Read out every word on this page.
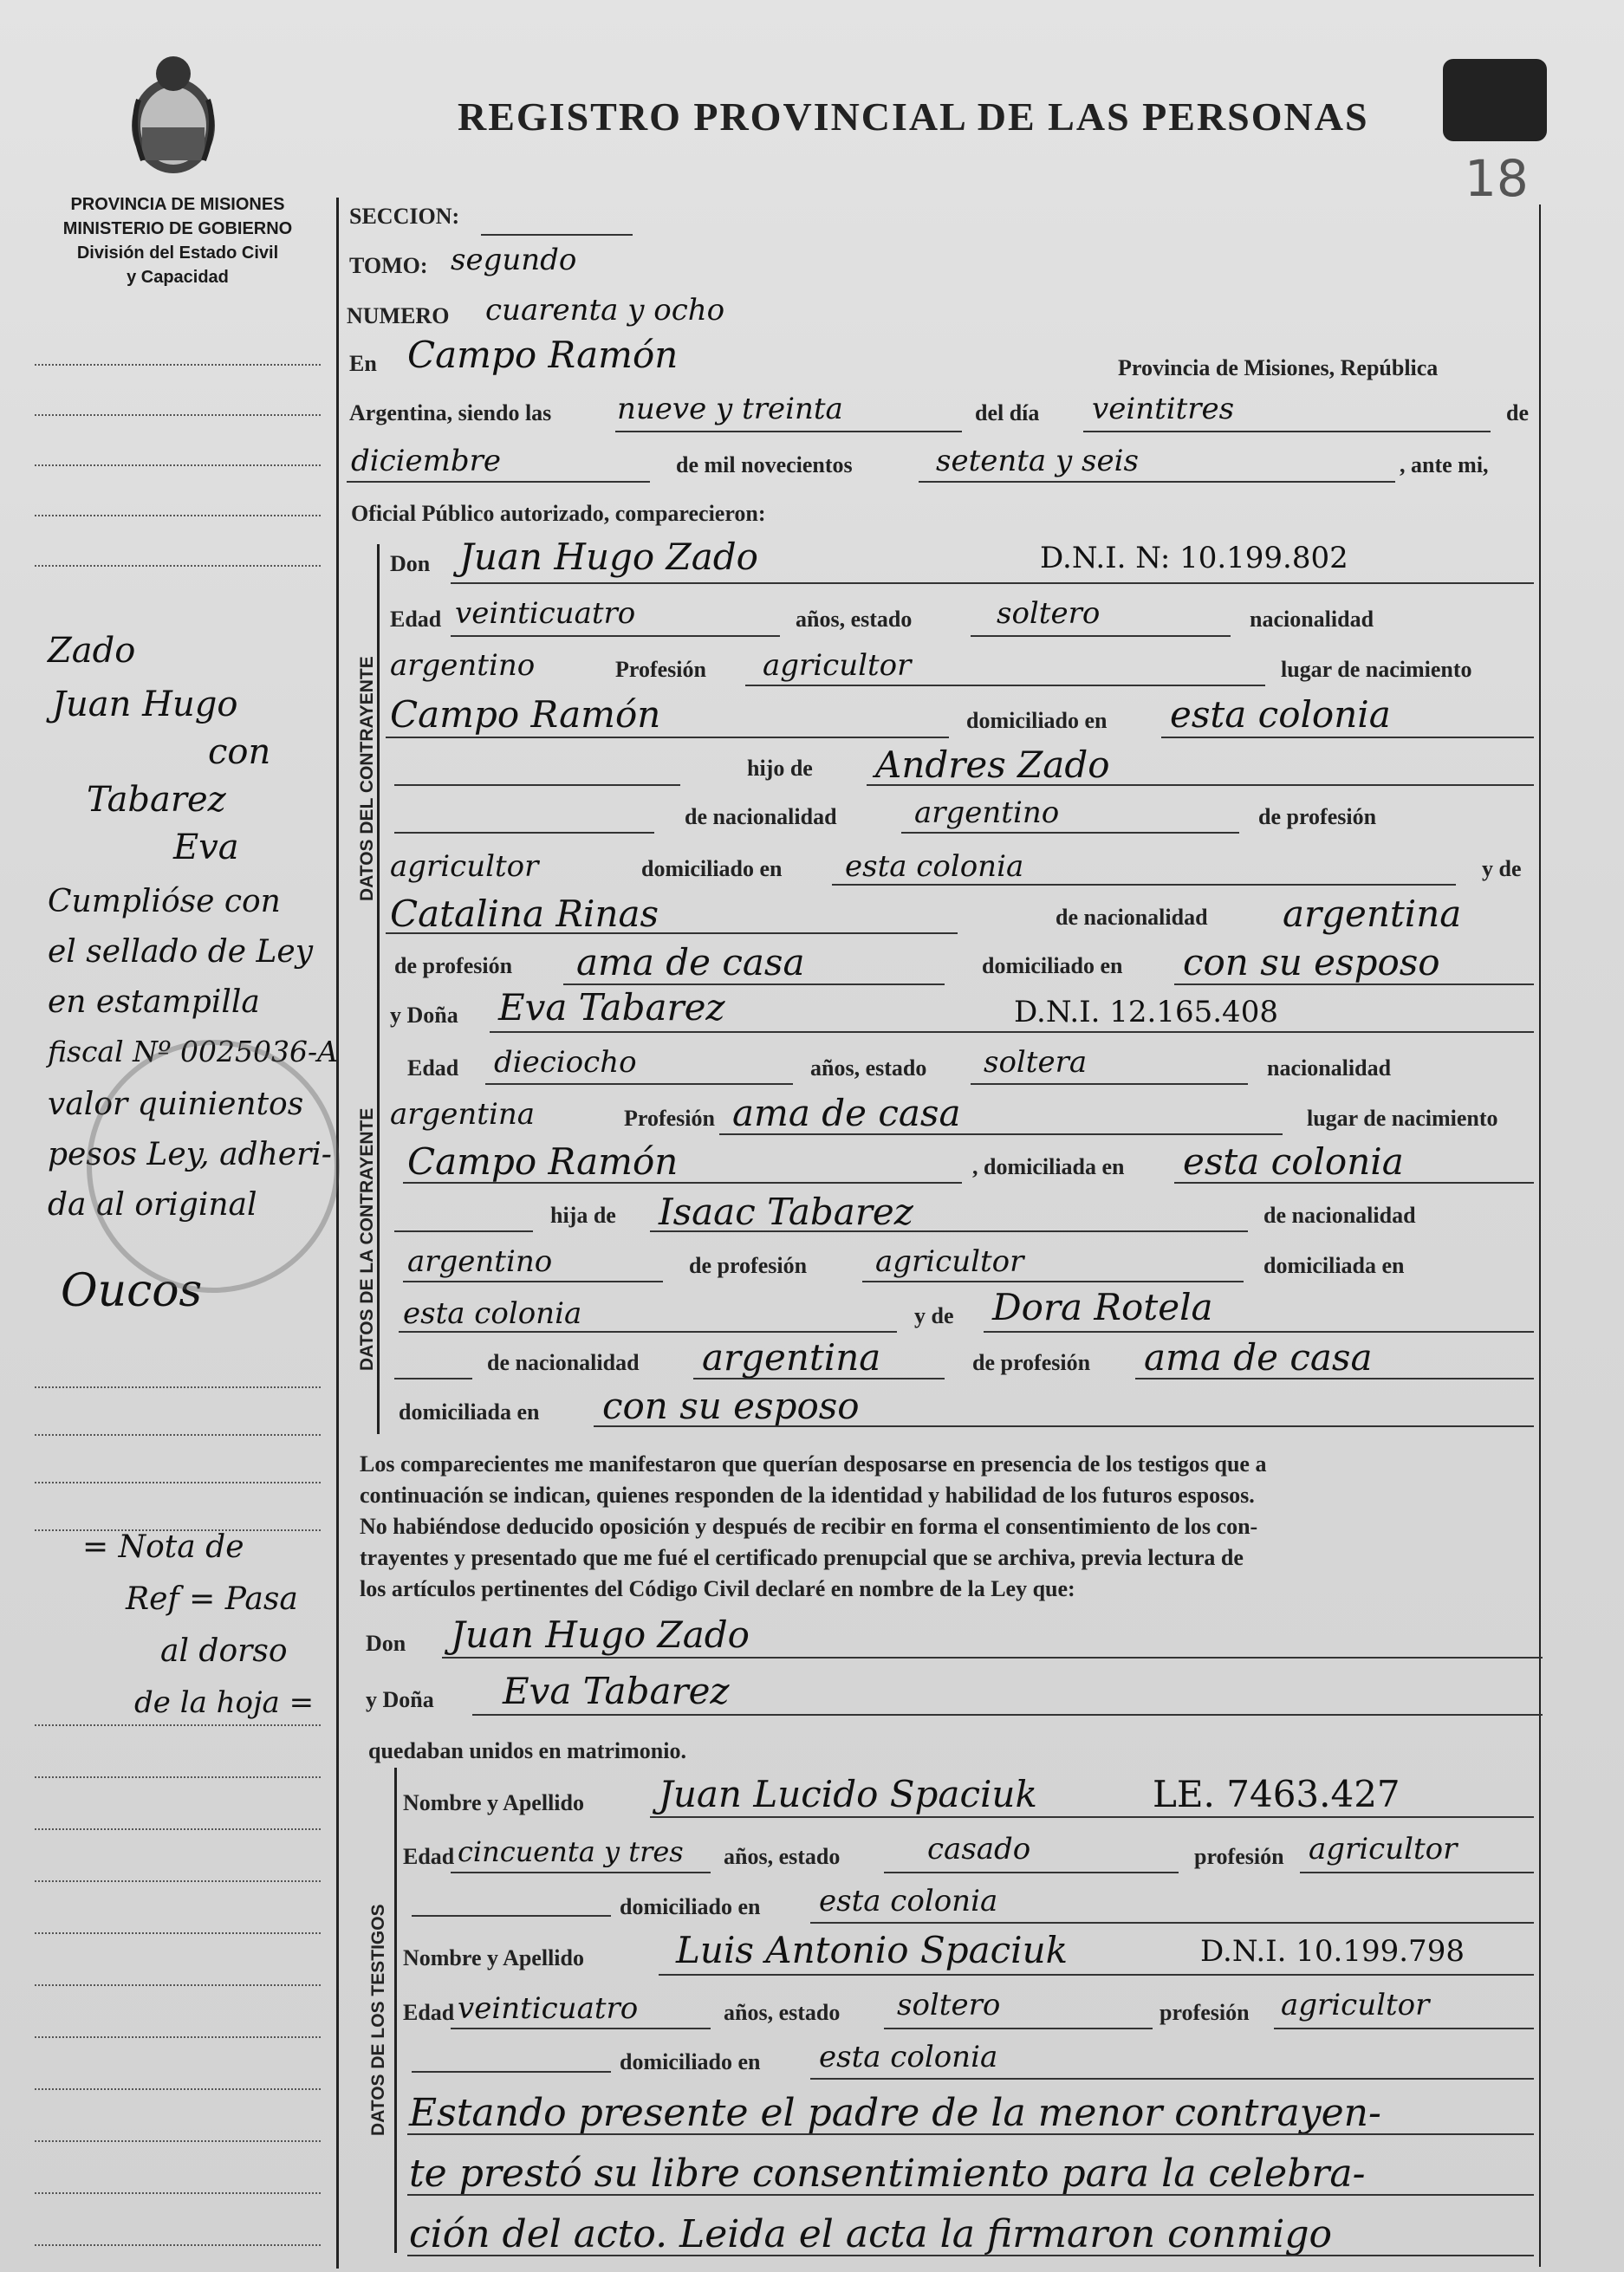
PROVINCIA DE MISIONES
MINISTERIO DE GOBIERNO
División del Estado Civil
y Capacidad
REGISTRO PROVINCIAL DE LAS PERSONAS
18
DATOS DEL CONTRAYENTE
DATOS DE LA CONTRAYENTE
DATOS DE LOS TESTIGOS
Zado
Juan Hugo
con
Tabarez
Eva
Cumplióse con
el sellado de Ley
en estampilla
fiscal Nº 0025036-A
valor quinientos
pesos Ley, adheri-
da al original
Oucos
= Nota de
Ref = Pasa
al dorso
de la hoja =
SECCION:
TOMO: segundo
NUMERO cuarenta y ocho
En Campo Ramón	Provincia de Misiones, República
Argentina, siendo las nueve y treinta	del día veintitres	de
diciembre	de mil novecientos	setenta y seis	, ante mi,
Oficial Público autorizado, comparecieron:
Don Juan Hugo Zado	D.N.I. N: 10.199.802
Edad veinticuatro	años, estado	soltero	nacionalidad
argentino	Profesión agricultor	lugar de nacimiento
Campo Ramón	domiciliado en esta colonia
hijo de Andres Zado
de nacionalidad	argentino	de profesión
agricultor	domiciliado en esta colonia	y de
Catalina Rinas	de nacionalidad argentina
de profesión ama de casa	domiciliado en con su esposo
y Doña Eva Tabarez	D.N.I. 12.165.408
Edad dieciocho	años, estado soltera	nacionalidad
argentina	Profesión ama de casa	lugar de nacimiento
Campo Ramón	, domiciliada en esta colonia
hija de Isaac Tabarez	de nacionalidad
argentino	de profesión agricultor	domiciliada en
esta colonia	y de Dora Rotela
de nacionalidad argentina	de profesión ama de casa
domiciliada en con su esposo
Los comparecientes me manifestaron que querían desposarse en presencia de los testigos que a
continuación se indican, quienes responden de la identidad y habilidad de los futuros esposos.
No habiéndose deducido oposición y después de recibir en forma el consentimiento de los con-
trayentes y presentado que me fué el certificado prenupcial que se archiva, previa lectura de
los artículos pertinentes del Código Civil declaré en nombre de la Ley que:
Don Juan Hugo Zado
y Doña Eva Tabarez
quedaban unidos en matrimonio.
Nombre y Apellido Juan Lucido Spaciuk	LE. 7463.427
Edad cincuenta y tres años, estado	casado	profesión agricultor
domiciliado en esta colonia
Nombre y Apellido	Luis Antonio Spaciuk	D.N.I. 10.199.798
Edad veinticuatro	años, estado soltero	profesión agricultor
domiciliado en esta colonia
Estando presente el padre de la menor contrayen-
te prestó su libre consentimiento para la celebra-
ción del acto. Leida el acta la firmaron conmigo
